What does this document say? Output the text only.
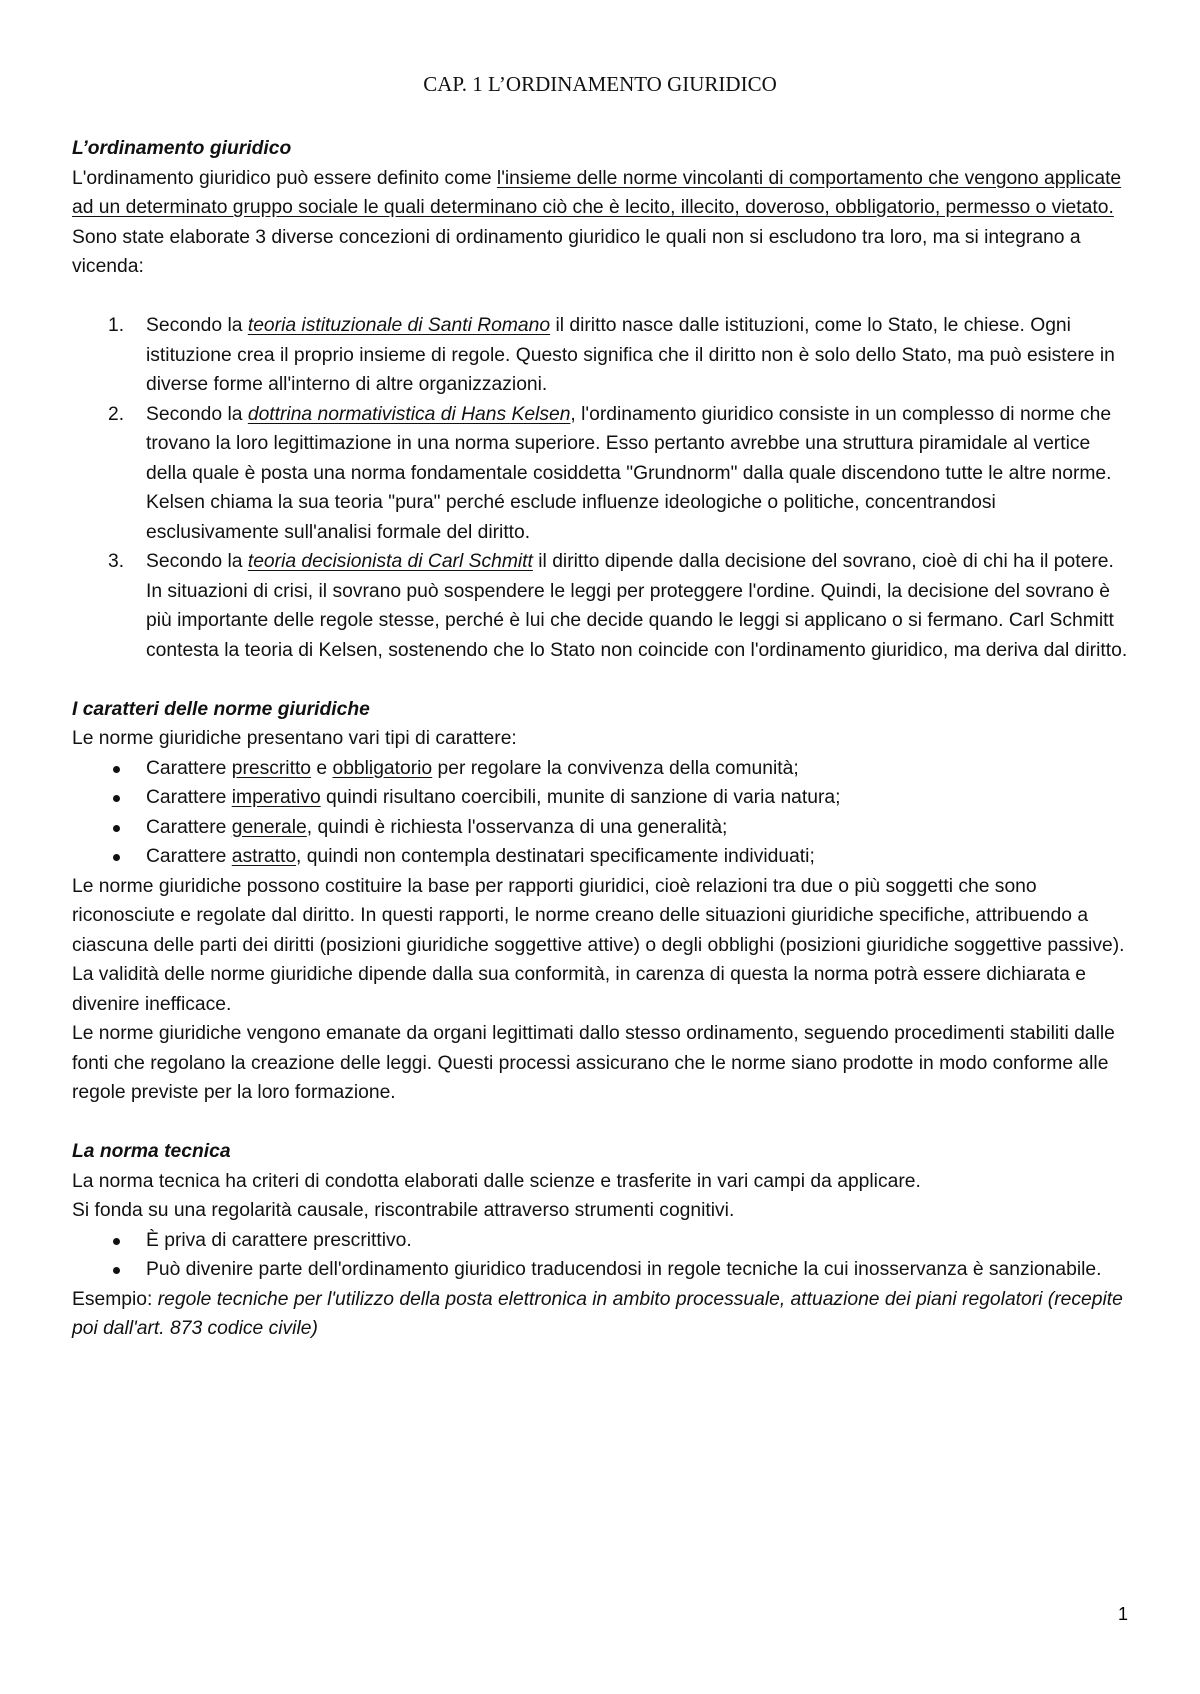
CAP. 1 L’ORDINAMENTO GIURIDICO
L’ordinamento giuridico

L'ordinamento giuridico può essere definito come l'insieme delle norme vincolanti di comportamento che vengono applicate ad un determinato gruppo sociale le quali determinano ciò che è lecito, illecito, doveroso, obbligatorio, permesso o vietato.

Sono state elaborate 3 diverse concezioni di ordinamento giuridico le quali non si escludono tra loro, ma si integrano a vicenda:

1. Secondo la teoria istituzionale di Santi Romano il diritto nasce dalle istituzioni, come lo Stato, le chiese. Ogni istituzione crea il proprio insieme di regole. Questo significa che il diritto non è solo dello Stato, ma può esistere in diverse forme all'interno di altre organizzazioni.
2. Secondo la dottrina normativistica di Hans Kelsen, l'ordinamento giuridico consiste in un complesso di norme che trovano la loro legittimazione in una norma superiore. Esso pertanto avrebbe una struttura piramidale al vertice della quale è posta una norma fondamentale cosiddetta "Grundnorm" dalla quale discendono tutte le altre norme. Kelsen chiama la sua teoria "pura" perché esclude influenze ideologiche o politiche, concentrandosi esclusivamente sull'analisi formale del diritto.
3. Secondo la teoria decisionista di Carl Schmitt il diritto dipende dalla decisione del sovrano, cioè di chi ha il potere. In situazioni di crisi, il sovrano può sospendere le leggi per proteggere l'ordine. Quindi, la decisione del sovrano è più importante delle regole stesse, perché è lui che decide quando le leggi si applicano o si fermano. Carl Schmitt contesta la teoria di Kelsen, sostenendo che lo Stato non coincide con l'ordinamento giuridico, ma deriva dal diritto.
I caratteri delle norme giuridiche

Le norme giuridiche presentano vari tipi di carattere:

Carattere prescritto e obbligatorio per regolare la convivenza della comunità;
Carattere imperativo quindi risultano coercibili, munite di sanzione di varia natura;
Carattere generale, quindi è richiesta l'osservanza di una generalità;
Carattere astratto, quindi non contempla destinatari specificamente individuati;

Le norme giuridiche possono costituire la base per rapporti giuridici, cioè relazioni tra due o più soggetti che sono riconosciute e regolate dal diritto. In questi rapporti, le norme creano delle situazioni giuridiche specifiche, attribuendo a ciascuna delle parti dei diritti (posizioni giuridiche soggettive attive) o degli obblighi (posizioni giuridiche soggettive passive).

La validità delle norme giuridiche dipende dalla sua conformità, in carenza di questa la norma potrà essere dichiarata e divenire inefficace.

Le norme giuridiche vengono emanate da organi legittimati dallo stesso ordinamento, seguendo procedimenti stabiliti dalle fonti che regolano la creazione delle leggi. Questi processi assicurano che le norme siano prodotte in modo conforme alle regole previste per la loro formazione.

La norma tecnica

La norma tecnica ha criteri di condotta elaborati dalle scienze e trasferite in vari campi da applicare.

Si fonda su una regolarità causale, riscontrabile attraverso strumenti cognitivi.

È priva di carattere prescrittivo.
Può divenire parte dell'ordinamento giuridico traducendosi in regole tecniche la cui inosservanza è sanzionabile.

Esempio: regole tecniche per l'utilizzo della posta elettronica in ambito processuale, attuazione dei piani regolatori (recepite poi dall'art. 873 codice civile)

1
